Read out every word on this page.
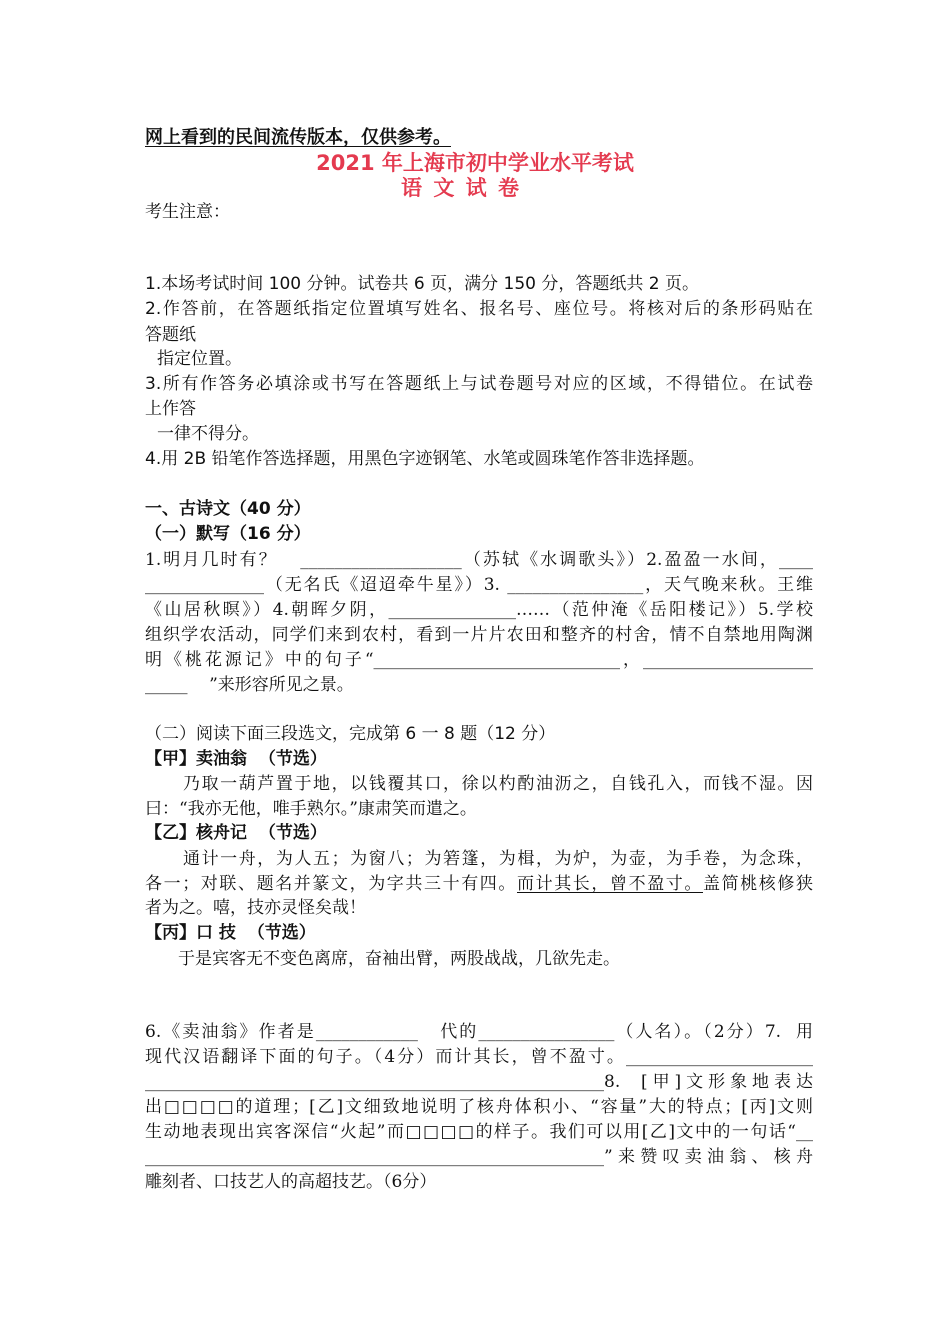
网上看到的民间流传版本，仅供参考。
2021 年上海市初中学业水平考试
语文试卷
考生注意：
1.本场考试时间 100 分钟。试卷共 6 页，满分 150 分，答题纸共 2 页。
2.作答前，在答题纸指定位置填写姓名、报名号、座位号。将核对后的条形码贴在
答题纸
指定位置。
3.所有作答务必填涂或书写在答题纸上与试卷题号对应的区域，不得错位。在试卷
上作答
一律不得分。
4.用 2B 铅笔作答选择题，用黑色字迹钢笔、水笔或圆珠笔作答非选择题。
一、古诗文（40 分）
（一）默写（16 分）
1.明月几时有？   ___________________（苏轼《水调歌头》）2.盈盈一水间，____
______________（无名氏《迢迢牵牛星》）3. ________________，天气晚来秋。王维
《山居秋暝》）4.朝晖夕阴，_______________……（范仲淹《岳阳楼记》）5.学校
组织学农活动，同学们来到农村，看到一片片农田和整齐的村舍，情不自禁地用陶渊
明《桃花源记》中的句子“_____________________________，____________________
_____    ”来形容所见之景。
（二）阅读下面三段选文，完成第 6 一 8 题（12 分）
【甲】卖油翁  （节选）
乃取一葫芦置于地，以钱覆其口，徐以杓酌油沥之，自钱孔入，而钱不湿。因
曰：“我亦无他，唯手熟尔。”康肃笑而遣之。
【乙】核舟记  （节选）
通计一舟，为人五；为窗八；为箬篷，为楫，为炉，为壶，为手卷，为念珠，
各一；对联、题名并篆文，为字共三十有四。而计其长，曾不盈寸。盖简桃核修狭
者为之。嘻，技亦灵怪矣哉！
【丙】口 技  （节选）
于是宾客无不变色离席，奋袖出臂，两股战战，几欲先走。
6.《卖油翁》作者是____________   代的________________（人名）。（2分）7.  用
现代汉语翻译下面的句子。（4分）而计其长，曾不盈寸。______________________
______________________________________________________8.  [甲]文形象地表达
出□□□□的道理；[乙]文细致地说明了核舟体积小、“容量”大的特点；[丙]文则
生动地表现出宾客深信“火起”而□□□□的样子。我们可以用[乙]文中的一句话“__
______________________________________________________”来赞叹卖油翁、核舟
雕刻者、口技艺人的高超技艺。（6分）
